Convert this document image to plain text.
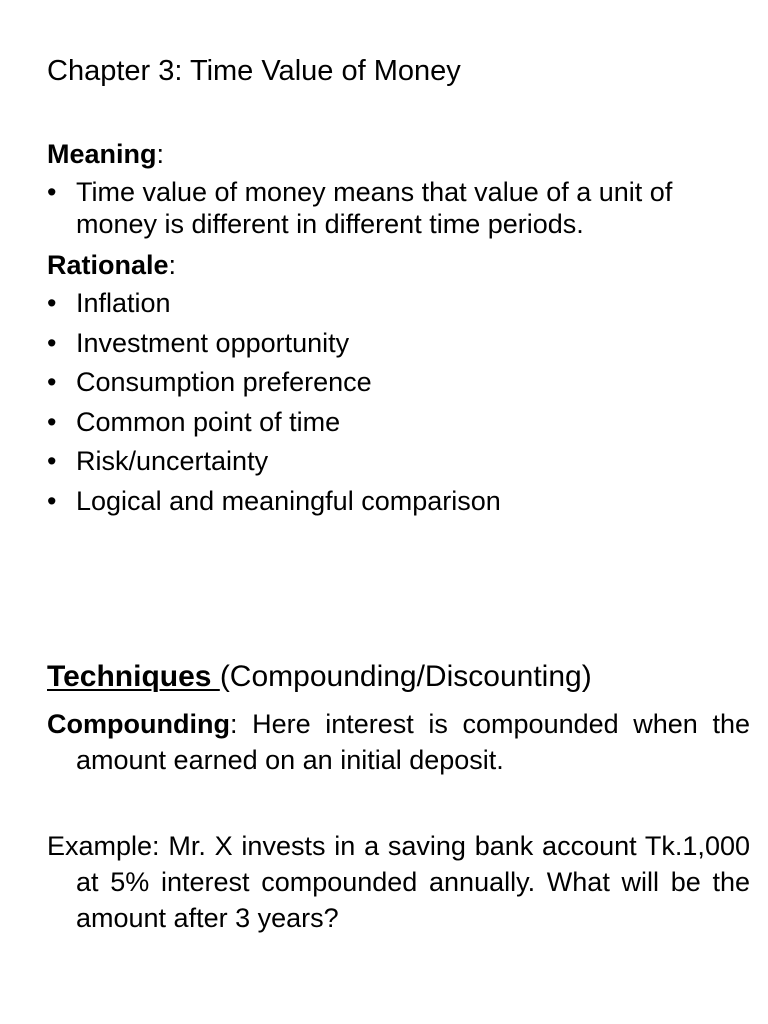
Chapter 3: Time Value of Money

Meaning:

• Time value of money means that value of a unit of money is different in different time periods.

Rationale:

• Inflation
• Investment opportunity
• Consumption preference
• Common point of time
• Risk/uncertainty
• Logical and meaningful comparison
Techniques (Compounding/Discounting)

Compounding: Here interest is compounded when the amount earned on an initial deposit.

Example: Mr. X invests in a saving bank account Tk.1,000 at 5% interest compounded annually. What will be the amount after 3 years?
